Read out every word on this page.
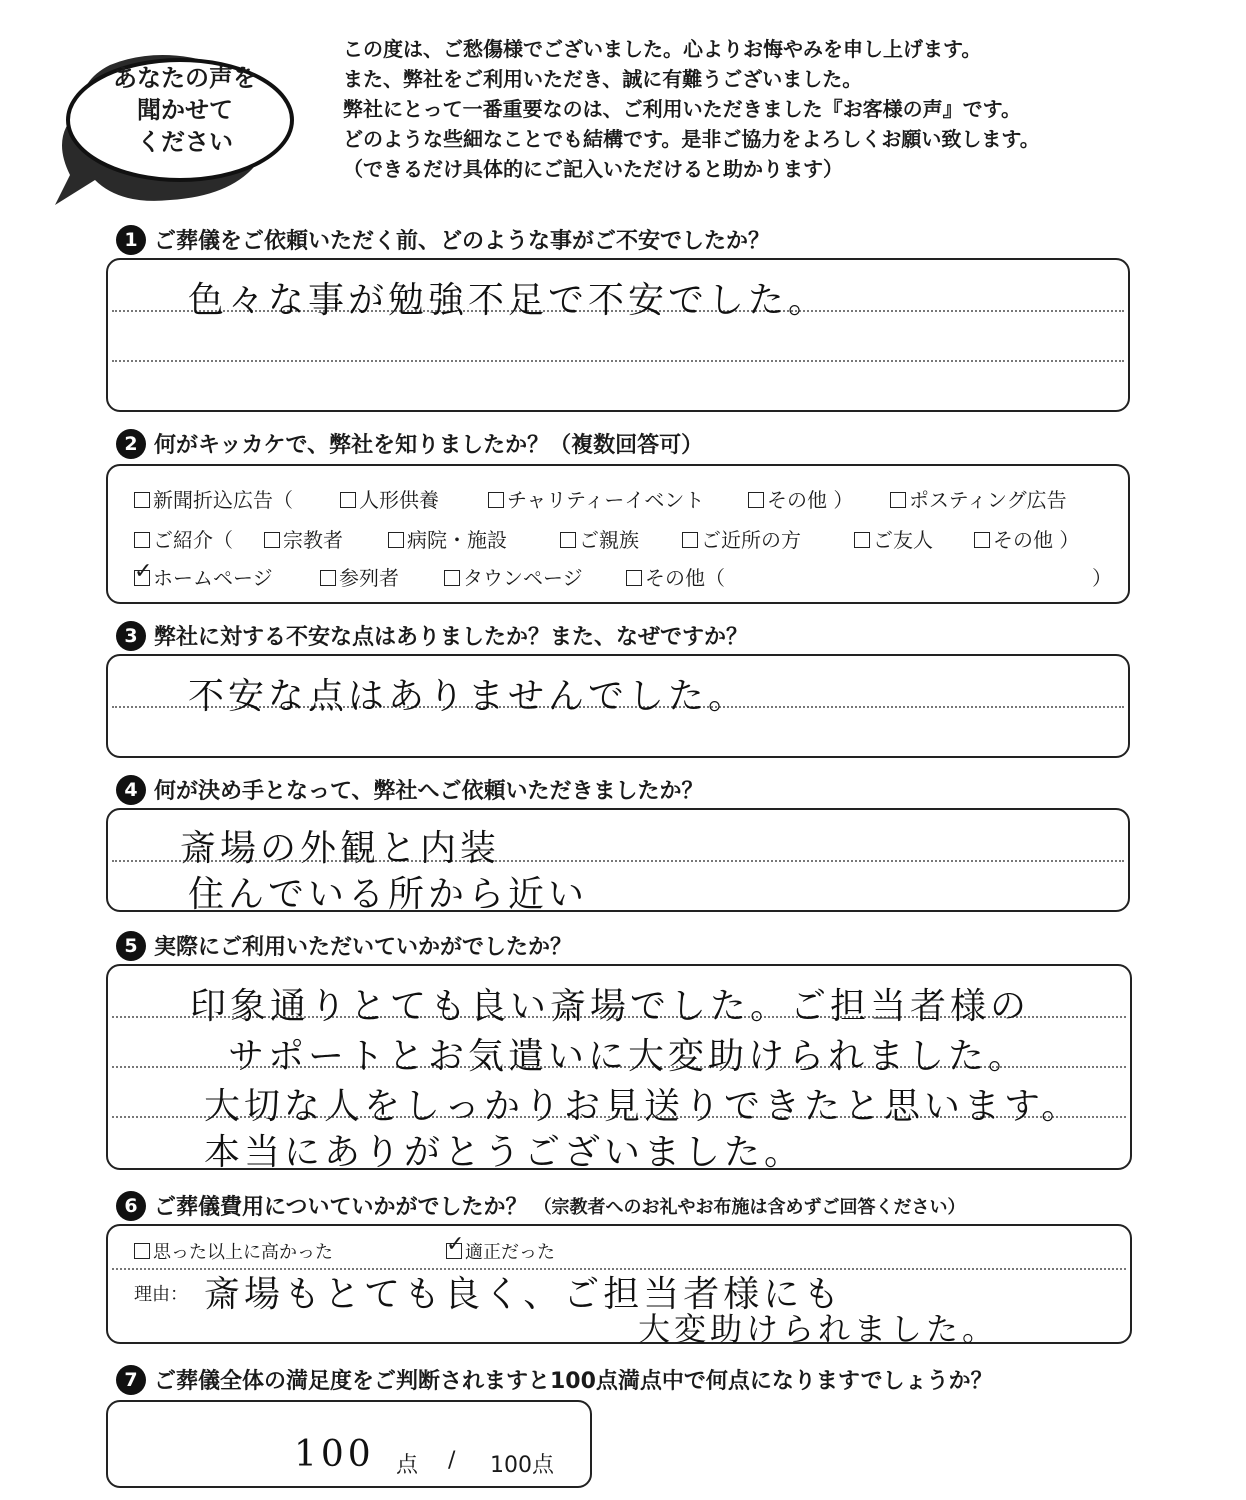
あなたの声を
聞かせて
ください
この度は、ご愁傷様でございました。心よりお悔やみを申し上げます。
また、弊社をご利用いただき、誠に有難うございました。
弊社にとって一番重要なのは、ご利用いただきました『お客様の声』です。
どのような些細なことでも結構です。是非ご協力をよろしくお願い致します。
（できるだけ具体的にご記入いただけると助かります）
1 ご葬儀をご依頼いただく前、どのような事がご不安でしたか？
色々な事が勉強不足で不安でした。
2 何がキッカケで、弊社を知りましたか？（複数回答可）
新聞折込広告（	人形供養	チャリティーイベント	その他 ）	ポスティング広告
ご紹介（	宗教者	病院・施設	ご親族	ご近所の方	ご友人	その他 ）
✓ホームページ	参列者	タウンページ	その他（	）
3 弊社に対する不安な点はありましたか？また、なぜですか？
不安な点はありませんでした。
4 何が決め手となって、弊社へご依頼いただきましたか？
斎場の外観と内装
住んでいる所から近い
5 実際にご利用いただいていかがでしたか？
印象通りとても良い斎場でした。ご担当者様の
サポートとお気遣いに大変助けられました。
大切な人をしっかりお見送りできたと思います。
本当にありがとうございました。
6 ご葬儀費用についていかがでしたか？ （宗教者へのお礼やお布施は含めずご回答ください）
思った以上に高かった
✓	適正だった
理由： 斎場もとても良く、ご担当者様にも
大変助けられました。
7 ご葬儀全体の満足度をご判断されますと100点満点中で何点になりますでしょうか？
100 点 / 100点
